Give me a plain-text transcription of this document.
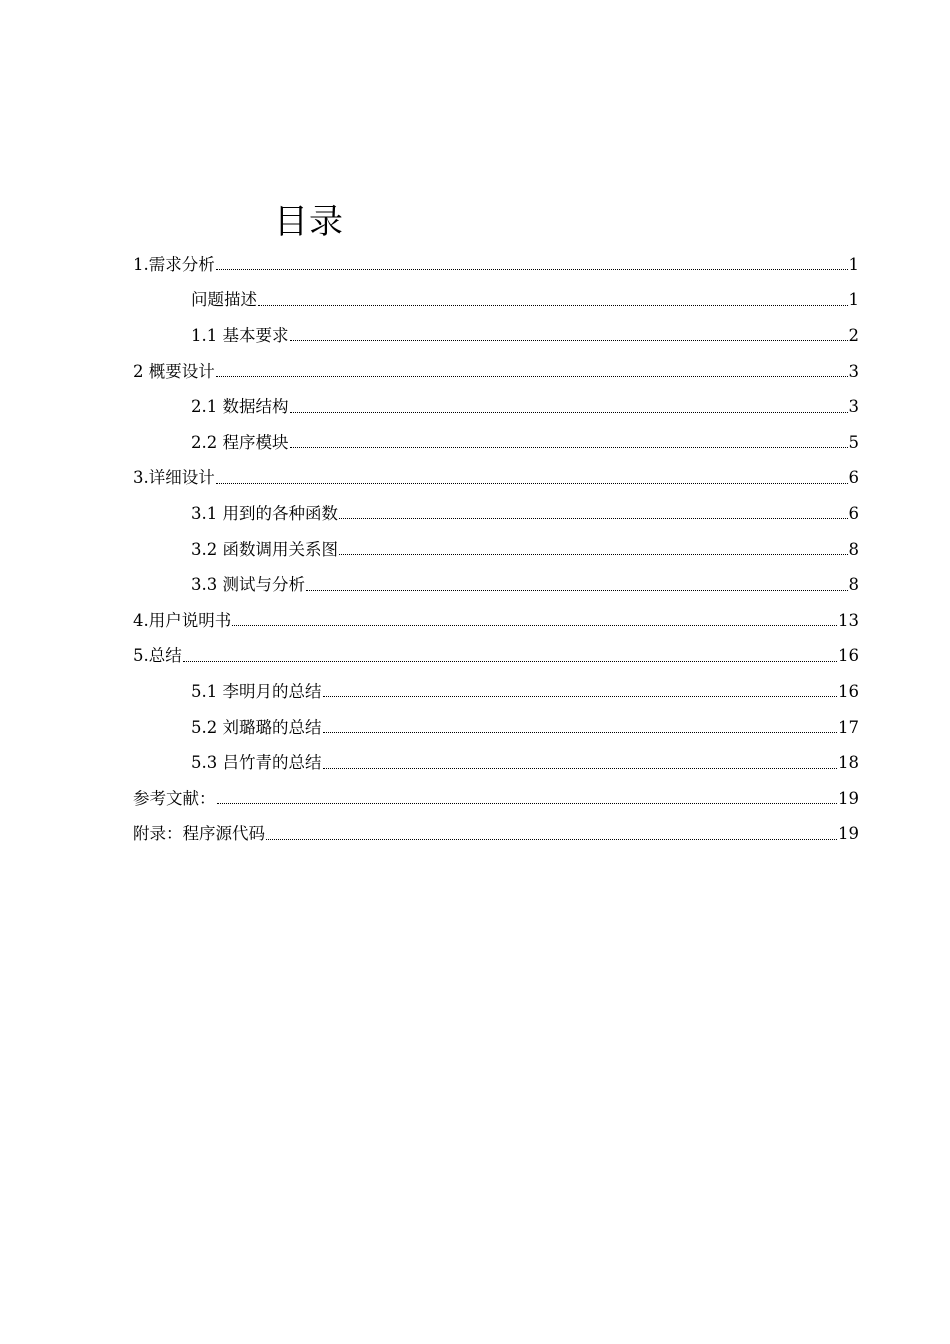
目录
1.需求分析	1
问题描述	1
1.1 基本要求	2
2 概要设计	3
2.1 数据结构	3
2.2 程序模块	5
3.详细设计	6
3.1 用到的各种函数	6
3.2 函数调用关系图	8
3.3 测试与分析	8
4.用户说明书	13
5.总结	16
5.1 李明月的总结	16
5.2 刘璐璐的总结	17
5.3 吕竹青的总结	18
参考文献：	19
附录：程序源代码	19
